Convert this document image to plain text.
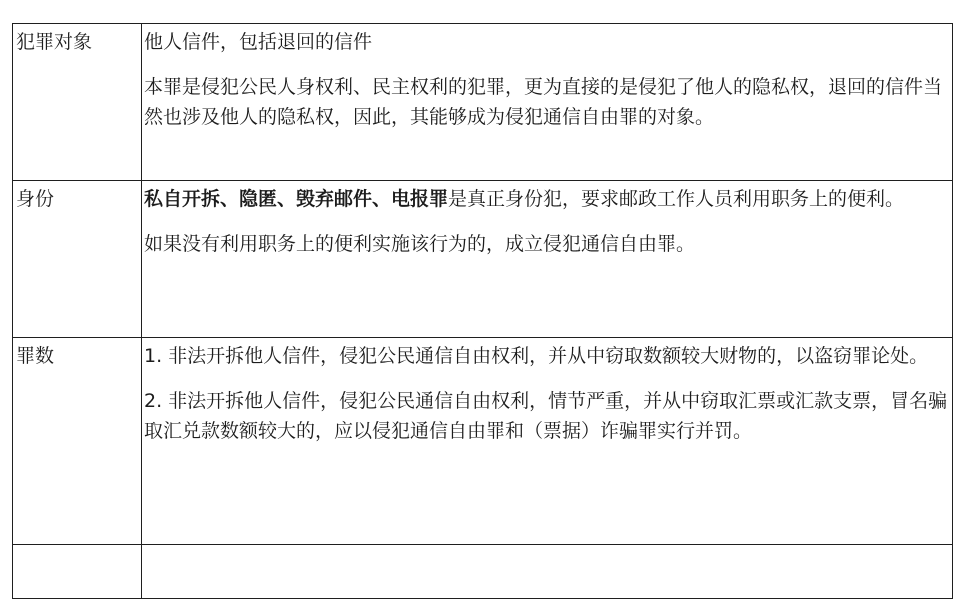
犯罪对象	他人信件，包括退回的信件

本罪是侵犯公民人身权利、民主权利的犯罪，更为直接的是侵犯了他人的隐私权，退回的信件当然也涉及他人的隐私权，因此，其能够成为侵犯通信自由罪的对象。

身份	私自开拆、隐匿、毁弃邮件、电报罪是真正身份犯，要求邮政工作人员利用职务上的便利。

如果没有利用职务上的便利实施该行为的，成立侵犯通信自由罪。

罪数	1. 非法开拆他人信件，侵犯公民通信自由权利，并从中窃取数额较大财物的，以盗窃罪论处。

2. 非法开拆他人信件，侵犯公民通信自由权利，情节严重，并从中窃取汇票或汇款支票，冒名骗取汇兑款数额较大的，应以侵犯通信自由罪和（票据）诈骗罪实行并罚。
